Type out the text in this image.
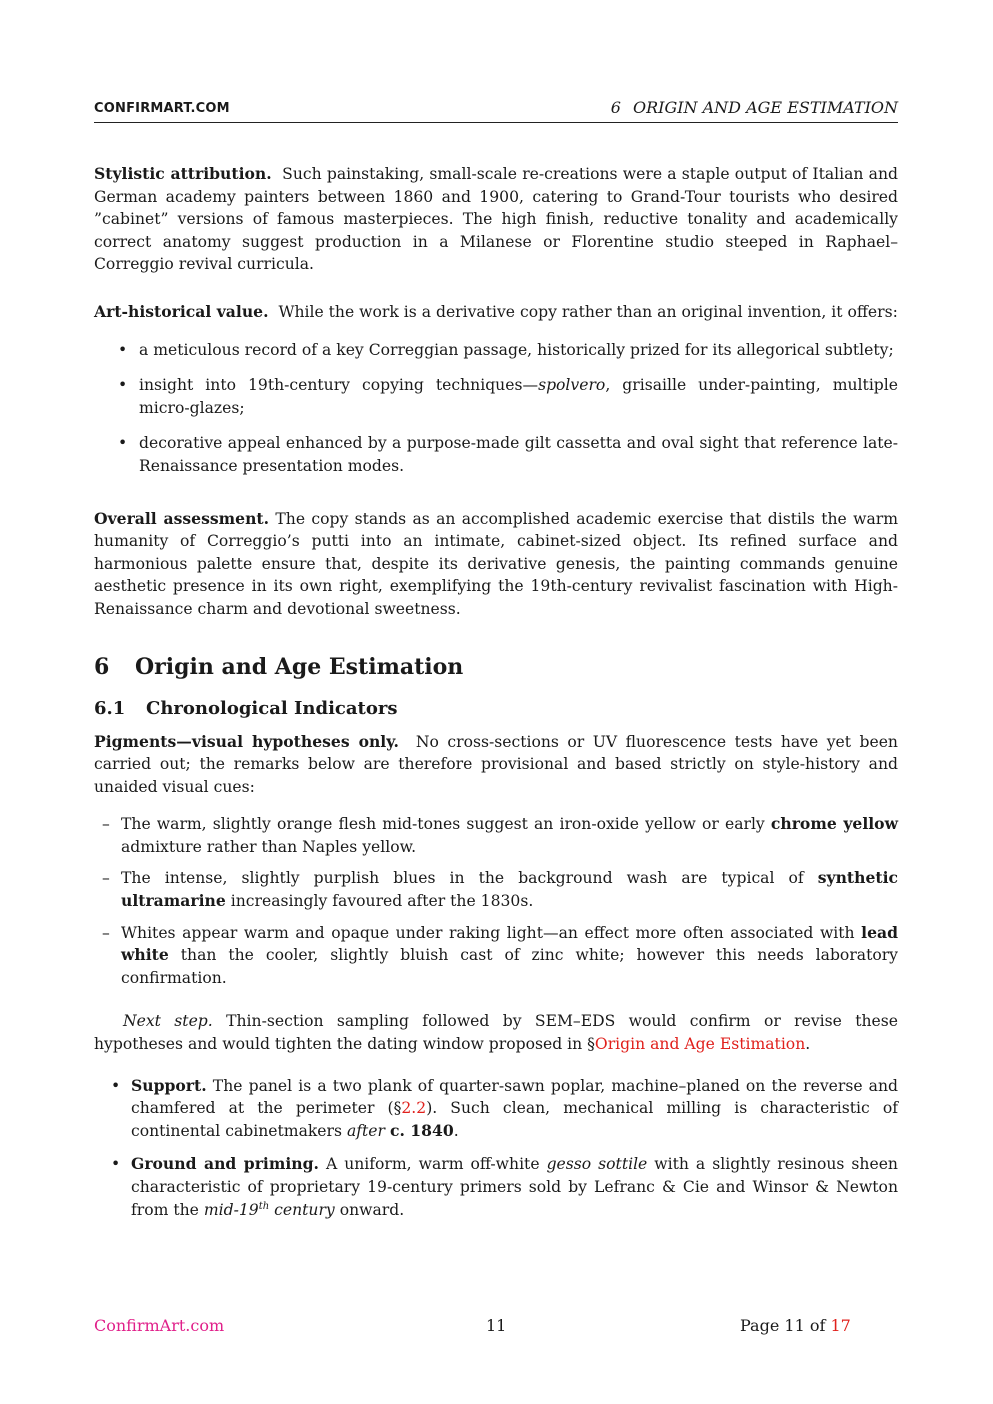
CONFIRMART.COM	6 ORIGIN AND AGE ESTIMATION

Stylistic attribution. Such painstaking, small-scale re-creations were a staple output of Italian and German academy painters between 1860 and 1900, catering to Grand-Tour tourists who desired ”cabinet” versions of famous masterpieces. The high finish, reductive tonality and academically correct anatomy suggest production in a Milanese or Florentine studio steeped in Raphael–Correggio revival curricula.

Art-historical value. While the work is a derivative copy rather than an original invention, it offers:

• a meticulous record of a key Correggian passage, historically prized for its allegorical subtlety;
• insight into 19th-century copying techniques—spolvero, grisaille under-painting, multiple micro-glazes;
• decorative appeal enhanced by a purpose-made gilt cassetta and oval sight that reference late-Renaissance presentation modes.

Overall assessment. The copy stands as an accomplished academic exercise that distils the warm humanity of Correggio’s putti into an intimate, cabinet-sized object. Its refined surface and harmonious palette ensure that, despite its derivative genesis, the painting commands genuine aesthetic presence in its own right, exemplifying the 19th-century revivalist fascination with High-Renaissance charm and devotional sweetness.

6 Origin and Age Estimation
6.1 Chronological Indicators

Pigments—visual hypotheses only. No cross-sections or UV fluorescence tests have yet been carried out; the remarks below are therefore provisional and based strictly on style-history and unaided visual cues:

– The warm, slightly orange flesh mid-tones suggest an iron-oxide yellow or early chrome yellow admixture rather than Naples yellow.
– The intense, slightly purplish blues in the background wash are typical of synthetic ultramarine increasingly favoured after the 1830s.
– Whites appear warm and opaque under raking light—an effect more often associated with lead white than the cooler, slightly bluish cast of zinc white; however this needs laboratory confirmation.

Next step. Thin-section sampling followed by SEM–EDS would confirm or revise these hypotheses and would tighten the dating window proposed in §Origin and Age Estimation.

• Support. The panel is a two plank of quarter-sawn poplar, machine–planed on the reverse and chamfered at the perimeter (§2.2). Such clean, mechanical milling is characteristic of continental cabinetmakers after c. 1840.
• Ground and priming. A uniform, warm off-white gesso sottile with a slightly resinous sheen characteristic of proprietary 19-century primers sold by Lefranc & Cie and Winsor & Newton from the mid-19th century onward.
ConfirmArt.com	11	Page 11 of 17
